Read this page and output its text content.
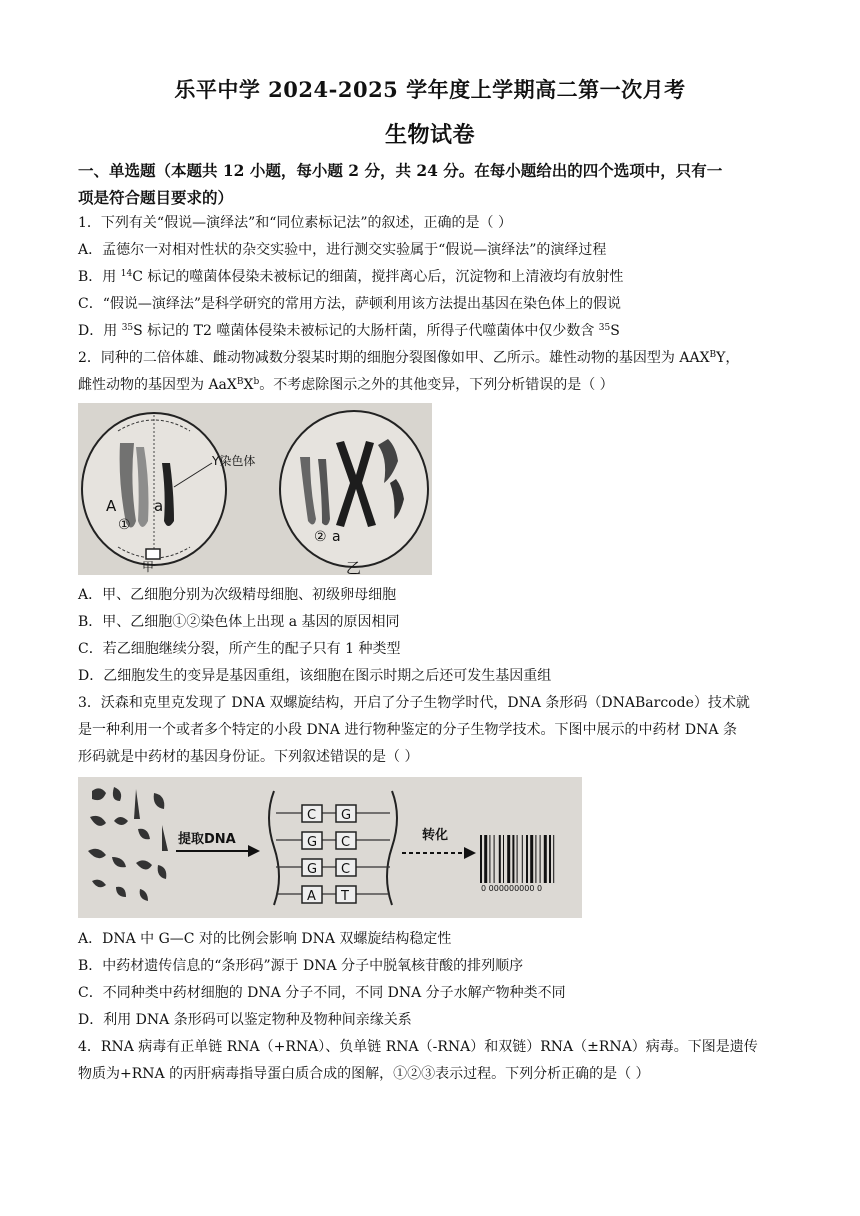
乐平中学 2024-2025 学年度上学期高二第一次月考
生物试卷
一、单选题（本题共 12 小题，每小题 2 分，共 24 分。在每小题给出的四个选项中，只有一
项是符合题目要求的）
1．下列有关“假说—演绎法”和“同位素标记法”的叙述，正确的是（ ）
A．孟德尔一对相对性状的杂交实验中，进行测交实验属于“假说—演绎法”的演绎过程
B．用 $^{14}$C 标记的噬菌体侵染未被标记的细菌，搅拌离心后，沉淀物和上清液均有放射性
C．“假说—演绎法”是科学研究的常用方法，萨顿利用该方法提出基因在染色体上的假说
D．用 $^{35}$S 标记的 T2 噬菌体侵染未被标记的大肠杆菌，所得子代噬菌体中仅少数含 $^{35}$S
2．同种的二倍体雄、雌动物减数分裂某时期的细胞分裂图像如甲、乙所示。雄性动物的基因型为 $AAX^BY$，
雌性动物的基因型为 $AaX^BX^b$。不考虑除图示之外的其他变异，下列分析错误的是（ ）
Y染色体
A	a
①
甲
② a
乙
A．甲、乙细胞分别为次级精母细胞、初级卵母细胞
B．甲、乙细胞①②染色体上出现 a 基因的原因相同
C．若乙细胞继续分裂，所产生的配子只有 1 种类型
D．乙细胞发生的变异是基因重组，该细胞在图示时期之后还可发生基因重组
3．沃森和克里克发现了 DNA 双螺旋结构，开启了分子生物学时代，DNA 条形码（DNABarcode）技术就
是一种利用一个或者多个特定的小段 DNA 进行物种鉴定的分子生物学技术。下图中展示的中药材 DNA 条
形码就是中药材的基因身份证。下列叙述错误的是（ ）
提取DNA
C G
G C
G C
A T
转化
0 000000000 0
A．DNA 中 G—C 对的比例会影响 DNA 双螺旋结构稳定性
B．中药材遗传信息的“条形码”源于 DNA 分子中脱氧核苷酸的排列顺序
C．不同种类中药材细胞的 DNA 分子不同，不同 DNA 分子水解产物种类不同
D．利用 DNA 条形码可以鉴定物种及物种间亲缘关系
4．RNA 病毒有正单链 RNA（+RNA）、负单链 RNA（-RNA）和双链）RNA（±RNA）病毒。下图是遗传
物质为+RNA 的丙肝病毒指导蛋白质合成的图解，①②③表示过程。下列分析正确的是（ ）
